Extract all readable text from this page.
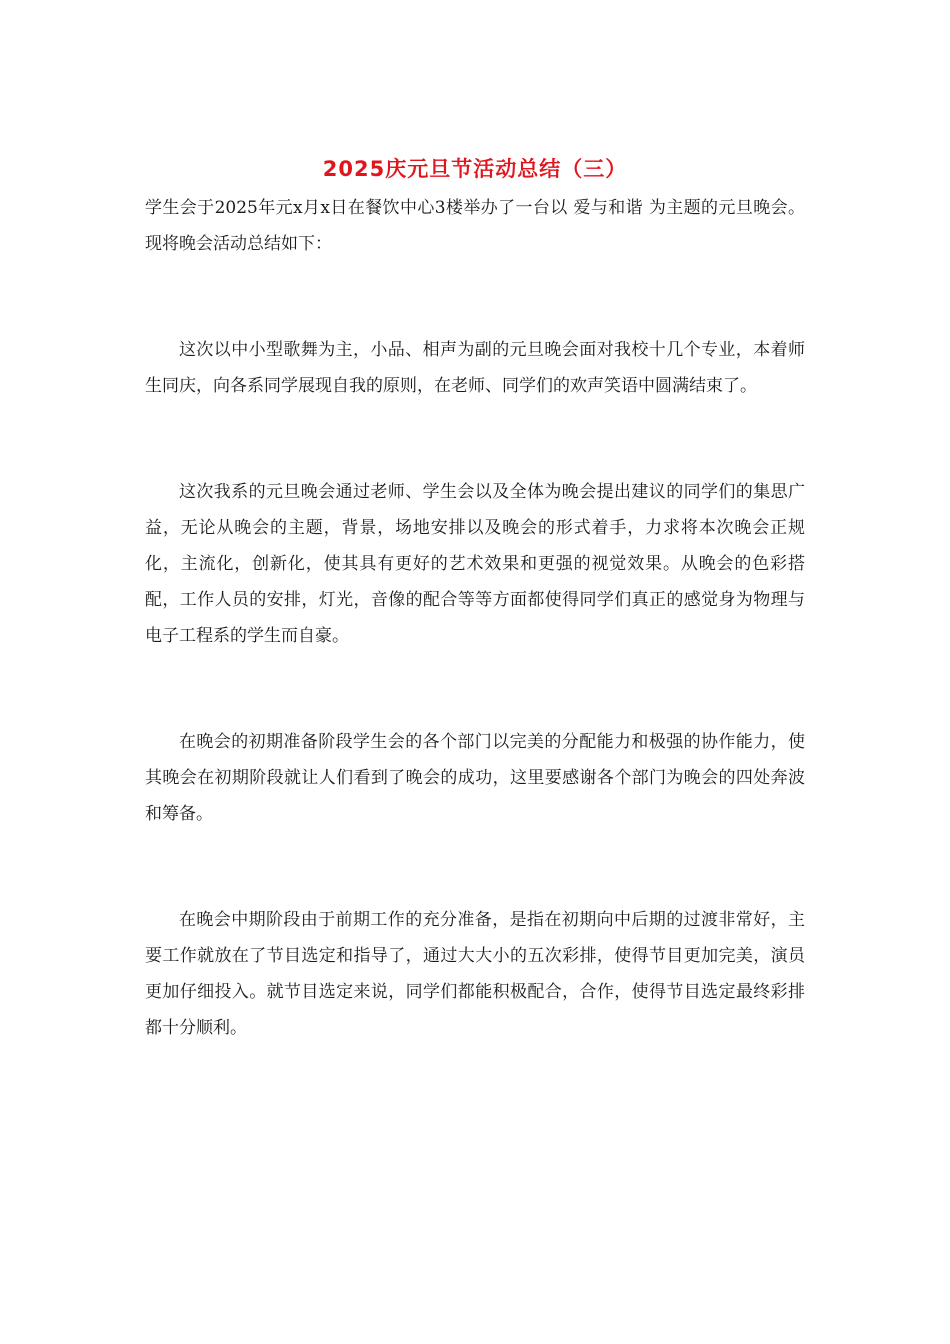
2025庆元旦节活动总结（三）

学生会于2025年元x月x日在餐饮中心3楼举办了一台以 爱与和谐 为主题的元旦晚会。现将晚会活动总结如下：

这次以中小型歌舞为主，小品、相声为副的元旦晚会面对我校十几个专业，本着师生同庆，向各系同学展现自我的原则，在老师、同学们的欢声笑语中圆满结束了。

这次我系的元旦晚会通过老师、学生会以及全体为晚会提出建议的同学们的集思广益，无论从晚会的主题，背景，场地安排以及晚会的形式着手，力求将本次晚会正规化，主流化，创新化，使其具有更好的艺术效果和更强的视觉效果。从晚会的色彩搭配，工作人员的安排，灯光，音像的配合等等方面都使得同学们真正的感觉身为物理与电子工程系的学生而自豪。

在晚会的初期准备阶段学生会的各个部门以完美的分配能力和极强的协作能力，使其晚会在初期阶段就让人们看到了晚会的成功，这里要感谢各个部门为晚会的四处奔波和筹备。

在晚会中期阶段由于前期工作的充分准备，是指在初期向中后期的过渡非常好，主要工作就放在了节目选定和指导了，通过大大小的五次彩排，使得节目更加完美，演员更加仔细投入。就节目选定来说，同学们都能积极配合，合作，使得节目选定最终彩排都十分顺利。
